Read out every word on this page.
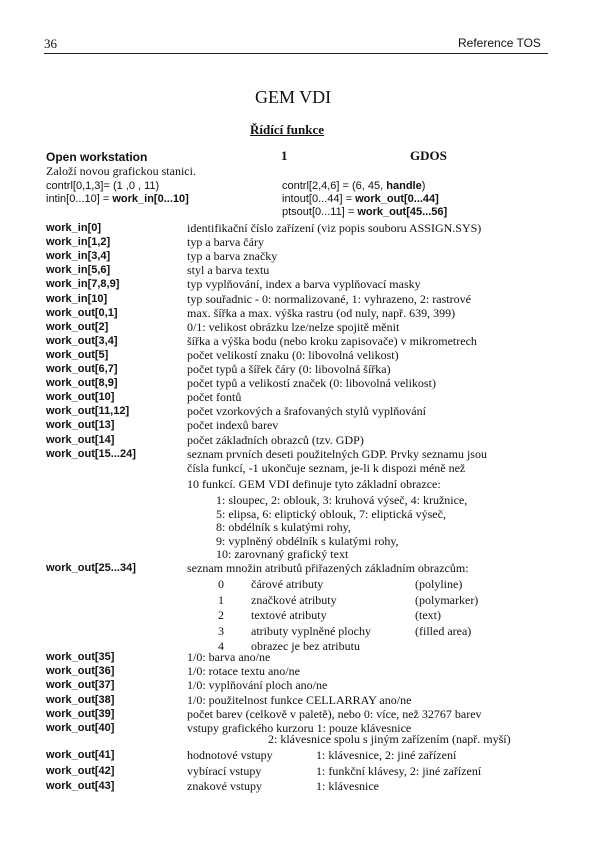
36	Reference TOS
GEM VDI
Řídící funkce
Open workstation	1	GDOS
Založí novou grafickou stanici.
contrl[0,1,3]= (1 ,0 , 11)
intin[0...10] = work_in[0...10]
contrl[2,4,6] = (6, 45, handle)
intout[0...44] = work_out[0...44]
ptsout[0...11] = work_out[45...56]
work_in[0]	identifikační číslo zařízení (viz popis souboru ASSIGN.SYS)
work_in[1,2]	typ a barva čáry
work_in[3,4]	typ a barva značky
work_in[5,6]	styl a barva textu
work_in[7,8,9]	typ vyplňování, index a barva vyplňovací masky
work_in[10]	typ souřadnic - 0: normalizované, 1: vyhrazeno, 2: rastrové
work_out[0,1]	max. šířka a max. výška rastru (od nuly, např. 639, 399)
work_out[2]	0/1: velikost obrázku lze/nelze spojitě měnit
work_out[3,4]	šířka a výška bodu (nebo kroku zapisovače) v mikrometrech
work_out[5]	počet velikostí znaku (0: libovolná velikost)
work_out[6,7]	počet typů a šířek čáry (0: libovolná šířka)
work_out[8,9]	počet typů a velikostí značek (0: libovolná velikost)
work_out[10]	počet fontů
work_out[11,12]	počet vzorkových a šrafovaných stylů vyplňování
work_out[13]	počet indexů barev
work_out[14]	počet základních obrazců (tzv. GDP)
work_out[15...24]	seznam prvních deseti použitelných GDP. Prvky seznamu jsou
čísla funkcí, -1 ukončuje seznam, je-li k dispozi méně než
10 funkcí. GEM VDI definuje tyto základní obrazce:
1: sloupec, 2: oblouk, 3: kruhová výseč, 4: kružnice,
5: elipsa, 6: eliptický oblouk, 7: eliptická výseč,
8: obdélník s kulatými rohy,
9: vyplněný obdélník s kulatými rohy,
10: zarovnaný grafický text
work_out[25...34]	seznam množin atributů přiřazených základním obrazcům:
0 čárové atributy	(polyline)
1 značkové atributy	(polymarker)
2 textové atributy	(text)
3 atributy vyplněné plochy	(filled area)
4 obrazec je bez atributu
work_out[35]	1/0: barva ano/ne
work_out[36]	1/0: rotace textu ano/ne
work_out[37]	1/0: vyplňování ploch ano/ne
work_out[38]	1/0: použitelnost funkce CELLARRAY ano/ne
work_out[39]	počet barev (celkově v paletě), nebo 0: více, než 32767 barev
work_out[40]	vstupy grafického kurzoru 1: pouze klávesnice
2: klávesnice spolu s jiným zařízením (např. myší)
work_out[41]	hodnotové vstupy	1: klávesnice, 2: jiné zařízení
work_out[42]	vybírací vstupy	1: funkční klávesy, 2: jiné zařízení
work_out[43]	znakové vstupy	1: klávesnice
